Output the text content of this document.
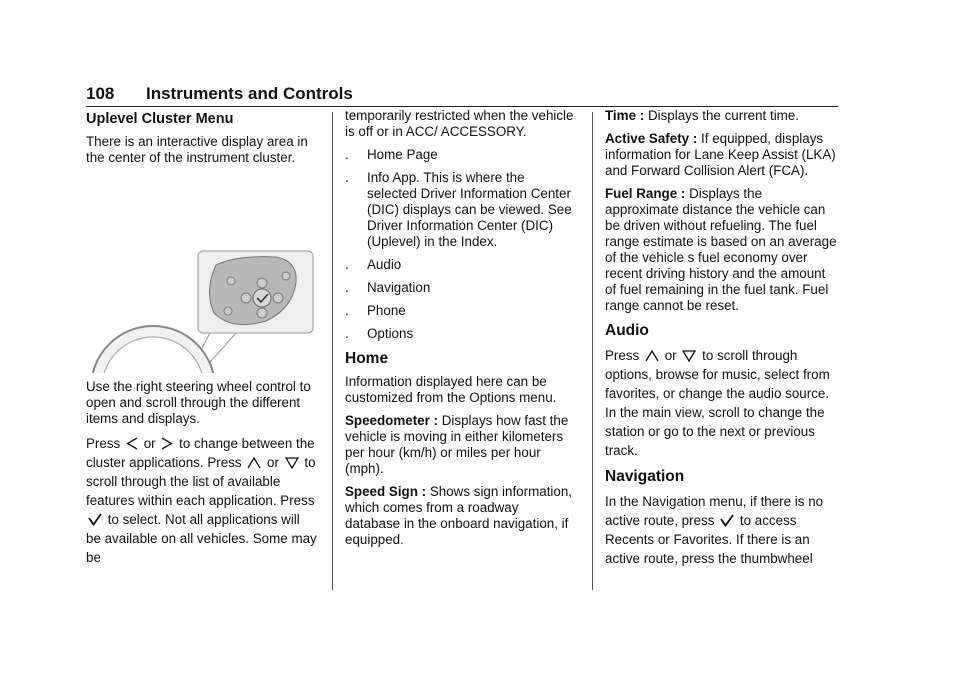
108 Instruments and Controls
Uplevel Cluster Menu

There is an interactive display area in the center of the instrument cluster.

Use the right steering wheel control to open and scroll through the different items and displays.

Press or to change between the cluster applications. Press or to scroll through the list of available features within each application. Press  to select. Not all applications will be available on all vehicles. Some may be

temporarily restricted when the vehicle is off or in ACC/ ACCESSORY.

. Home Page
. Info App. This is where the selected Driver Information Center (DIC) displays can be viewed. See Driver Information Center (DIC) (Uplevel) in the Index.
. Audio
. Navigation
. Phone
. Options
Home

Information displayed here can be customized from the Options menu.

Speedometer : Displays how fast the vehicle is moving in either kilometers per hour (km/h) or miles per hour (mph).

Speed Sign : Shows sign information, which comes from a roadway database in the onboard navigation, if equipped.

Time : Displays the current time.

Active Safety : If equipped, displays information for Lane Keep Assist (LKA) and Forward Collision Alert (FCA).

Fuel Range : Displays the approximate distance the vehicle can be driven without refueling. The fuel range estimate is based on an average of the vehicle s fuel economy over recent driving history and the amount of fuel remaining in the fuel tank. Fuel range cannot be reset.

Audio

Press or to scroll through options, browse for music, select from favorites, or change the audio source. In the main view, scroll to change the station or go to the next or previous track.

Navigation

In the Navigation menu, if there is no active route, press to access Recents or Favorites. If there is an active route, press the thumbwheel
